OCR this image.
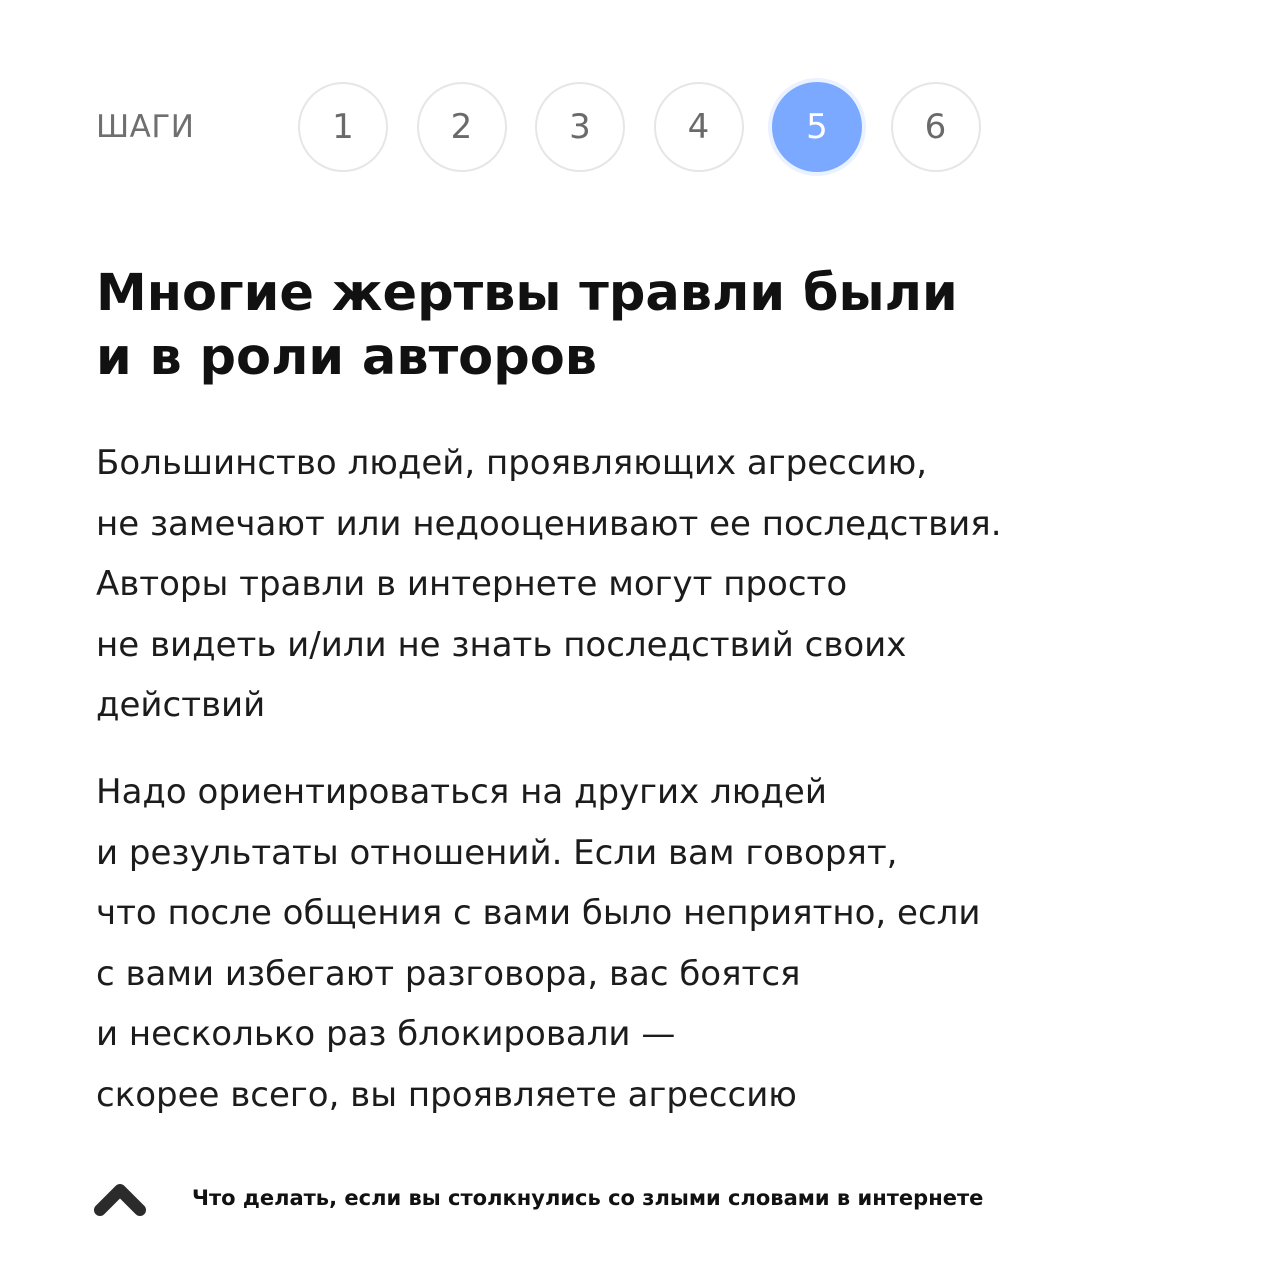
ШАГИ	1	2	3	4	5	6
Многие жертвы травли были
и в роли авторов

Большинство людей, проявляющих агрессию,
не замечают или недооценивают ее последствия.
Авторы травли в интернете могут просто
не видеть и/или не знать последствий своих
действий

Надо ориентироваться на других людей
и результаты отношений. Если вам говорят,
что после общения с вами было неприятно, если
с вами избегают разговора, вас боятся
и несколько раз блокировали —
скорее всего, вы проявляете агрессию

Что делать, если вы столкнулись со злыми словами в интернете
